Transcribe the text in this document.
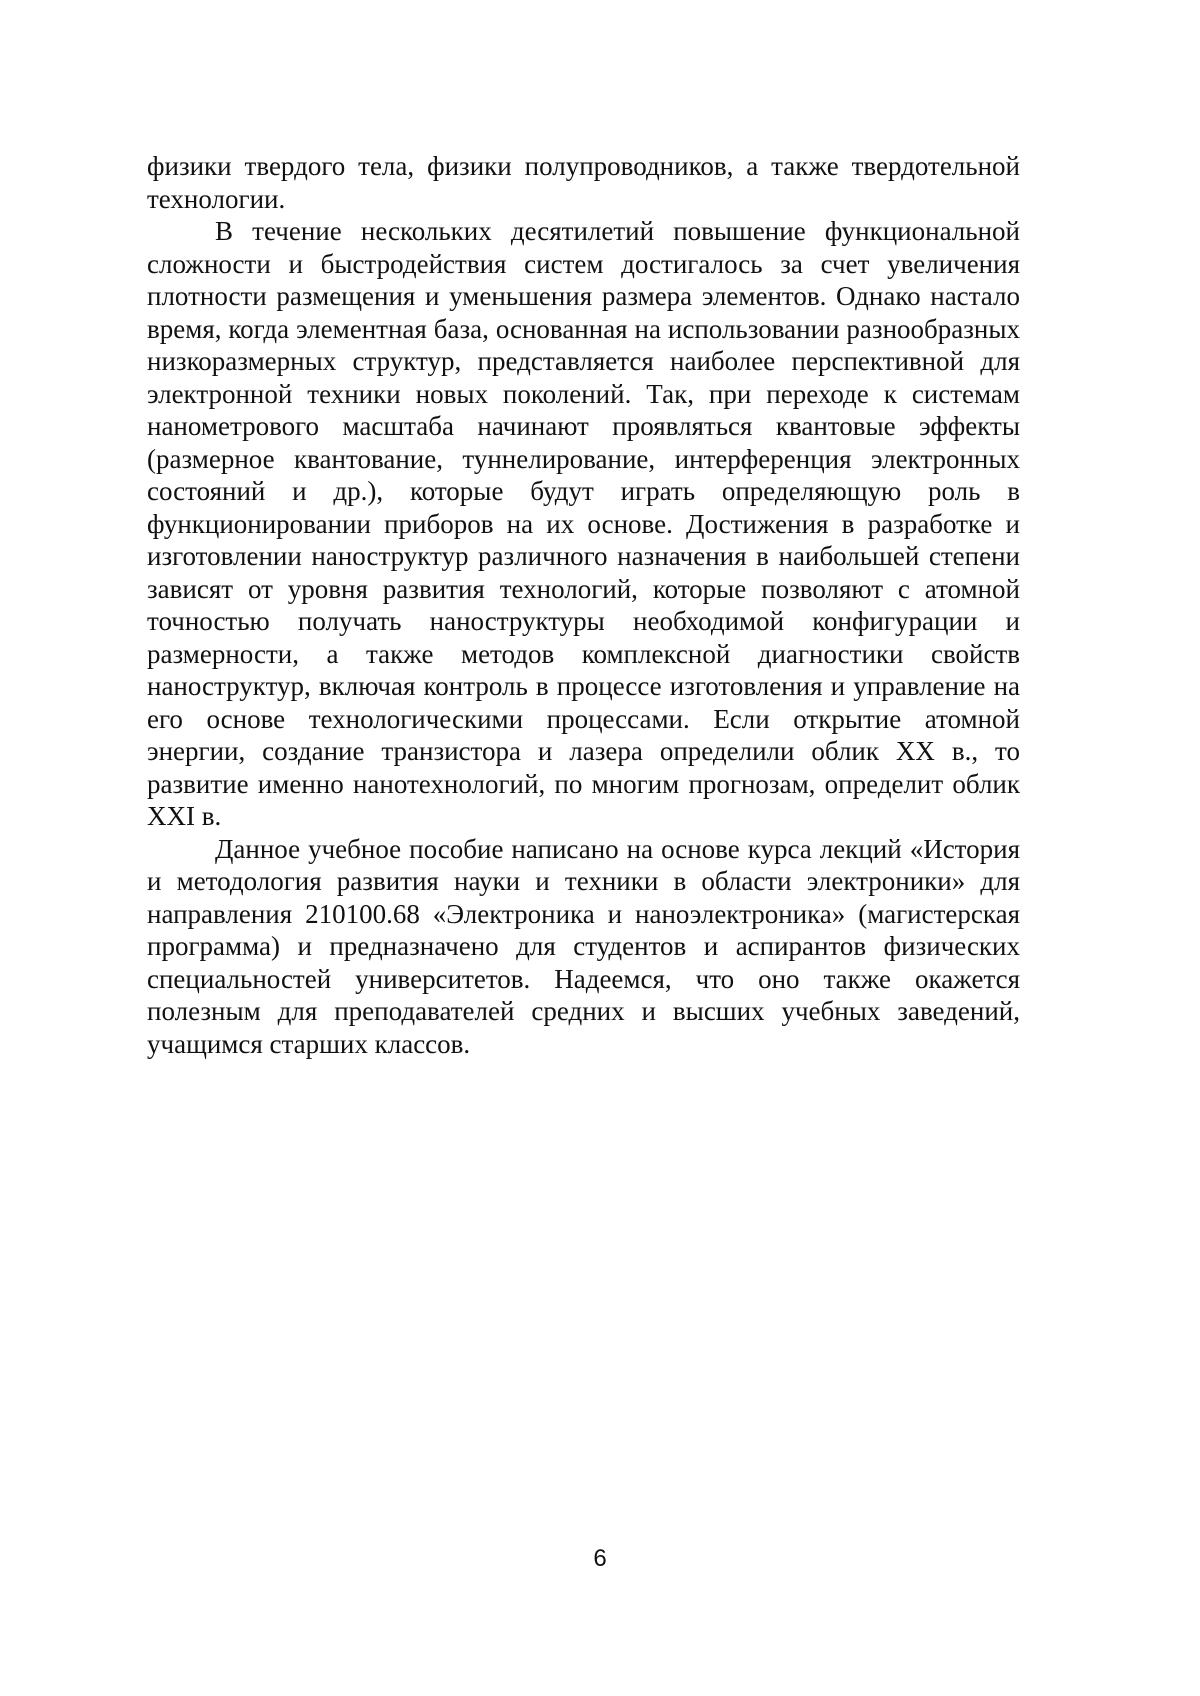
физики твердого тела, физики полупроводников, а также твердотельной технологии.

В течение нескольких десятилетий повышение функциональной сложности и быстродействия систем достигалось за счет увеличения плотности размещения и уменьшения размера элементов. Однако настало время, когда элементная база, основанная на использовании разнообразных низкоразмерных структур, представляется наиболее перспективной для электронной техники новых поколений. Так, при переходе к системам нанометрового масштаба начинают проявляться квантовые эффекты (размерное квантование, туннелирование, интерференция электронных состояний и др.), которые будут играть определяющую роль в функционировании приборов на их основе. Достижения в разработке и изготовлении наноструктур различного назначения в наибольшей степени зависят от уровня развития технологий, которые позволяют с атомной точностью получать наноструктуры необходимой конфигурации и размерности, а также методов комплексной диагностики свойств наноструктур, включая контроль в процессе изготовления и управление на его основе технологическими процессами. Если открытие атомной энергии, создание транзистора и лазера определили облик XX в., то развитие именно нанотехнологий, по многим прогнозам, определит облик XXI в.

Данное учебное пособие написано на основе курса лекций «История и методология развития науки и техники в области электроники» для направления 210100.68 «Электроника и наноэлектроника» (магистерская программа) и предназначено для студентов и аспирантов физических специальностей университетов. Надеемся, что оно также окажется полезным для преподавателей средних и высших учебных заведений, учащимся старших классов.

6
